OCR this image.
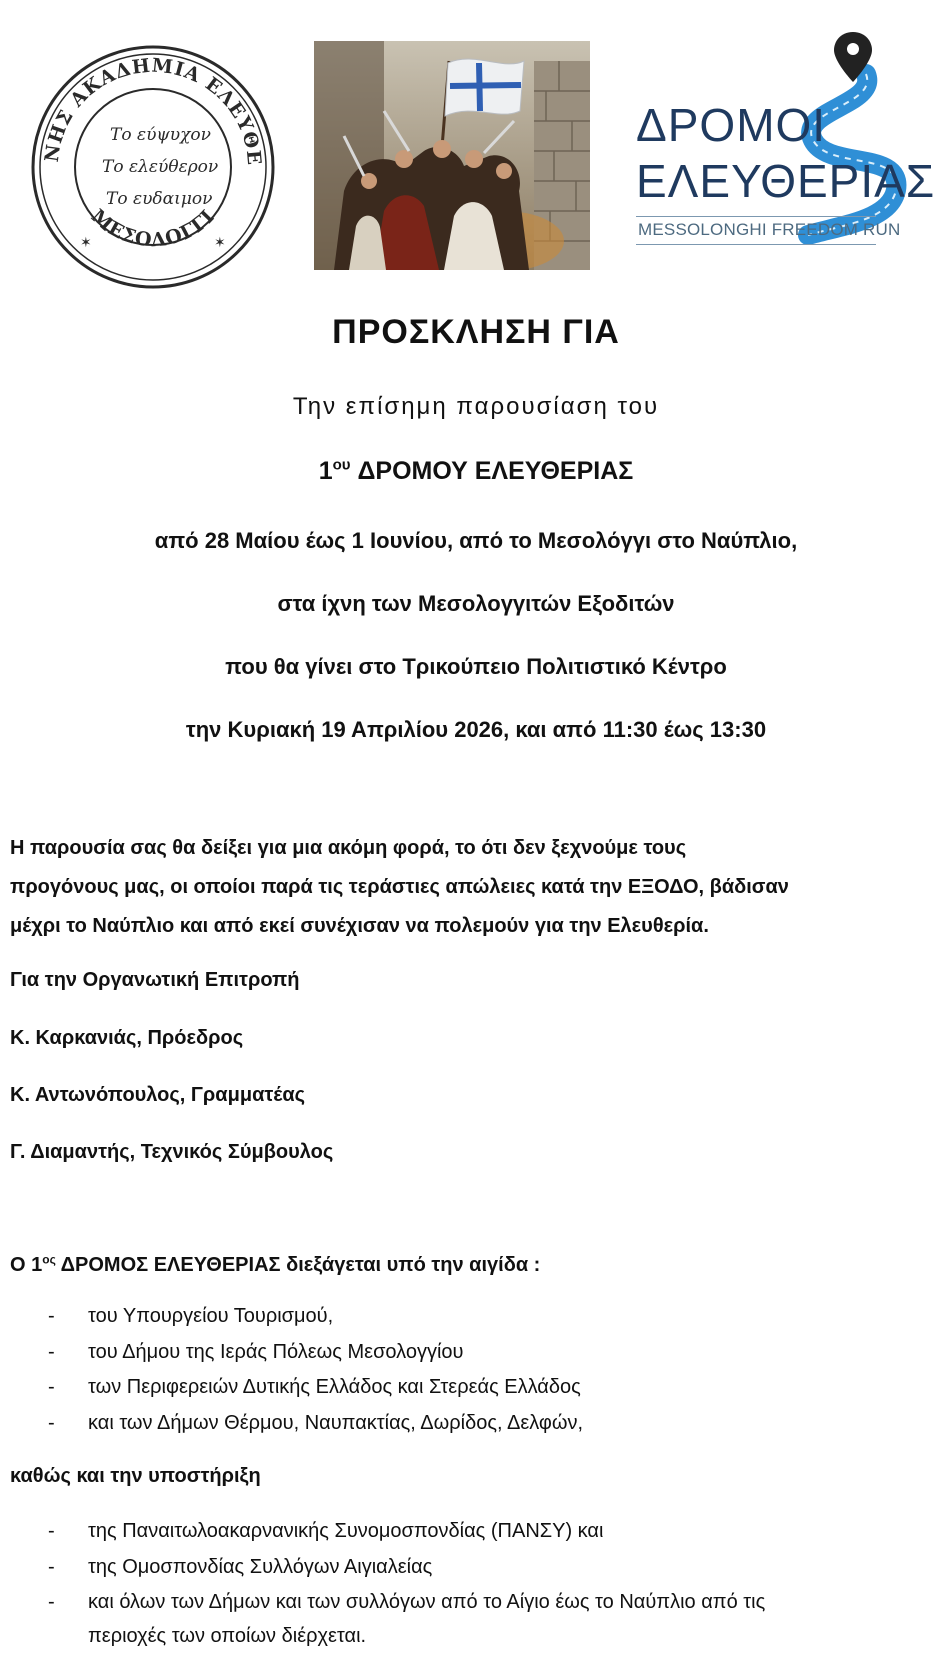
ΝΗΣ ΑΚΑΔΗΜΙΑ ΕΛΕΥΘΕ
ΜΕΣΟΛΟΓΓΙ
✶	✶
Το εύψυχον
Το ελεύθερον
Το ευδαιμον
ΔΡΟΜΟΙ
ΕΛΕΥΘΕΡΙΑΣ
MESSOLONGHI FREEDOM RUN
ΠΡΟΣΚΛΗΣΗ ΓΙΑ
Την επίσημη παρουσίαση του
$1^{o\upsilon}$ ΔΡΟΜΟΥ ΕΛΕΥΘΕΡΙΑΣ
από 28 Μαίου έως 1 Ιουνίου, από το Μεσολόγγι στο Ναύπλιο,
στα ίχνη των Μεσολογγιτών Εξοδιτών
που θα γίνει στο Τρικούπειο Πολιτιστικό Κέντρο
την Κυριακή 19 Απριλίου 2026, και από 11:30 έως 13:30
Η παρουσία σας θα δείξει για μια ακόμη φορά, το ότι δεν ξεχνούμε τους
προγόνους μας, οι οποίοι παρά τις τεράστιες απώλειες κατά την ΕΞΟΔΟ, βάδισαν
μέχρι το Ναύπλιο και από εκεί συνέχισαν να πολεμούν για την Ελευθερία.
Για την Οργανωτική Επιτροπή
Κ. Καρκανιάς, Πρόεδρος
Κ. Αντωνόπουλος, Γραμματέας
Γ. Διαμαντής, Τεχνικός Σύμβουλος
Ο $1^{o\varsigma}$ ΔΡΟΜΟΣ ΕΛΕΥΘΕΡΙΑΣ διεξάγεται υπό την αιγίδα :
- του Υπουργείου Τουρισμού,
- του Δήμου της Ιεράς Πόλεως Μεσολογγίου
- των Περιφερειών Δυτικής Ελλάδος και Στερεάς Ελλάδος
- και των Δήμων Θέρμου, Ναυπακτίας, Δωρίδος, Δελφών,
καθώς και την υποστήριξη
- της Παναιτωλοακαρνανικής Συνομοσπονδίας (ΠΑΝΣΥ) και
- της Ομοσπονδίας Συλλόγων Αιγιαλείας
- και όλων των Δήμων και των συλλόγων από το Αίγιο έως το Ναύπλιο από τις
περιοχές των οποίων διέρχεται.
